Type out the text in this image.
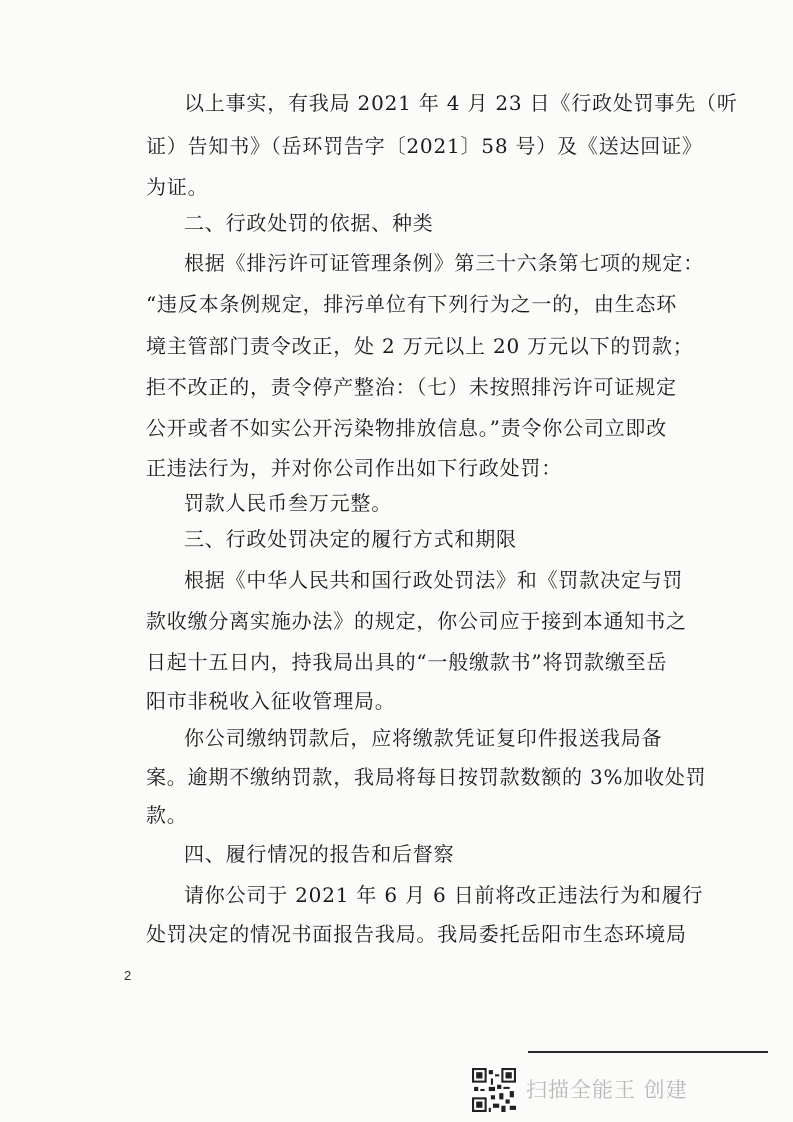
以上事实，有我局 2021 年 4 月 23 日《行政处罚事先（听
证）告知书》（岳环罚告字〔2021〕58 号）及《送达回证》
为证。
二、行政处罚的依据、种类
根据《排污许可证管理条例》第三十六条第七项的规定：
“违反本条例规定，排污单位有下列行为之一的，由生态环
境主管部门责令改正，处 2 万元以上 20 万元以下的罚款；
拒不改正的，责令停产整治：（七）未按照排污许可证规定
公开或者不如实公开污染物排放信息。”责令你公司立即改
正违法行为，并对你公司作出如下行政处罚：
罚款人民币叁万元整。
三、行政处罚决定的履行方式和期限
根据《中华人民共和国行政处罚法》和《罚款决定与罚
款收缴分离实施办法》的规定，你公司应于接到本通知书之
日起十五日内，持我局出具的“一般缴款书”将罚款缴至岳
阳市非税收入征收管理局。
你公司缴纳罚款后，应将缴款凭证复印件报送我局备
案。逾期不缴纳罚款，我局将每日按罚款数额的 3%加收处罚
款。
四、履行情况的报告和后督察
请你公司于 2021 年 6 月 6 日前将改正违法行为和履行
处罚决定的情况书面报告我局。我局委托岳阳市生态环境局
2
扫描全能王 创建
